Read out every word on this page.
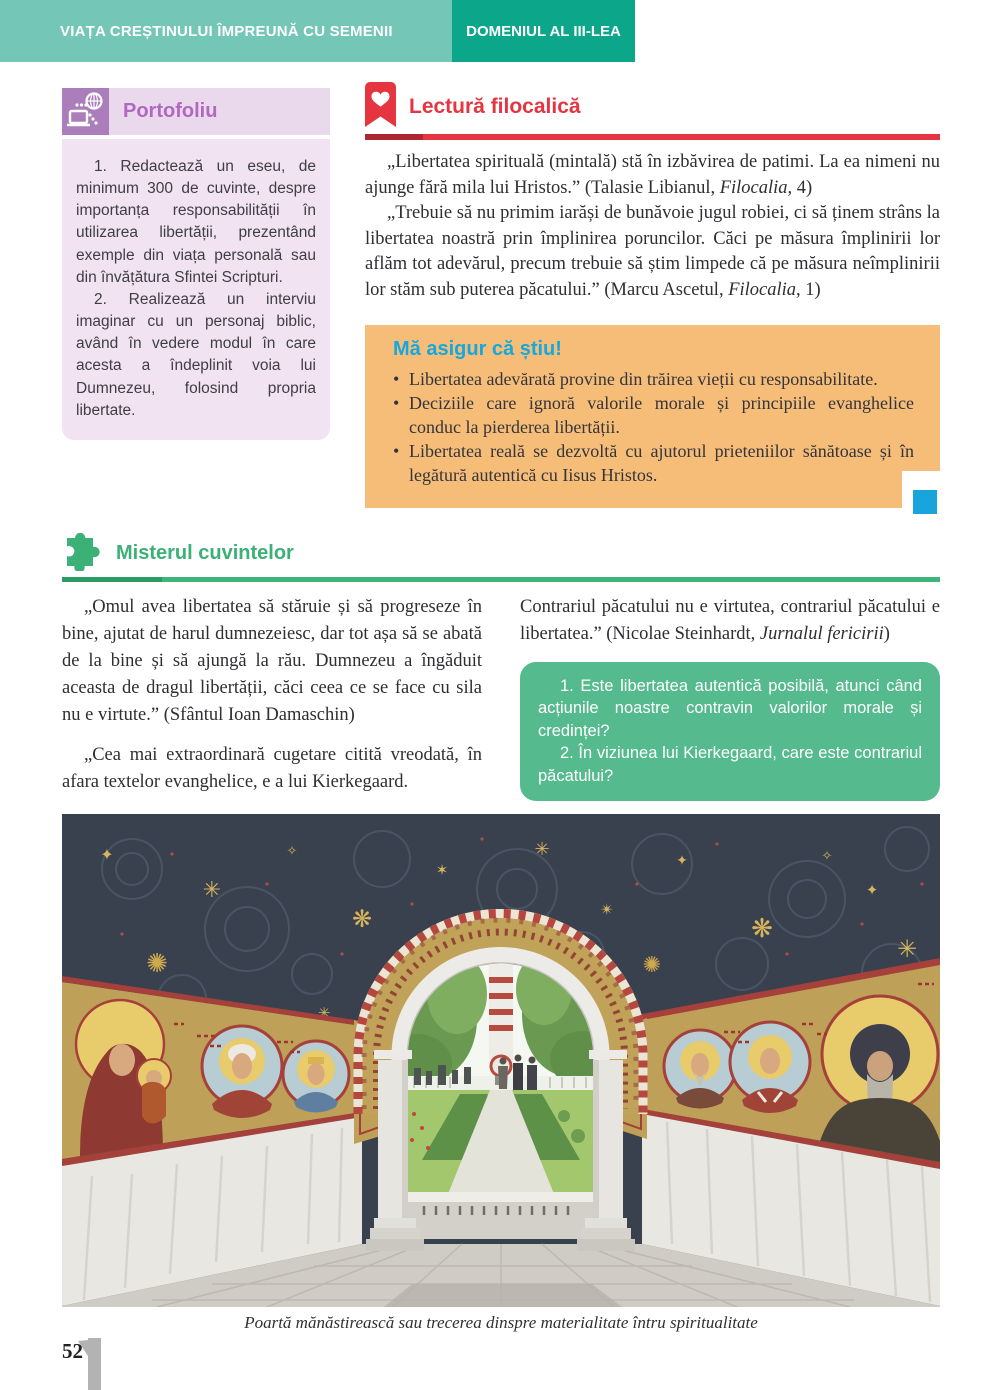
VIAȚA CREȘTINULUI ÎMPREUNĂ CU SEMENII	DOMENIUL AL III-LEA
Portofoliu

1. Redactează un eseu, de minimum 300 de cuvinte, despre importanța responsabilității în utilizarea libertății, prezentând exemple din viața personală sau din învățătura Sfintei Scripturi.

2. Realizează un interviu imaginar cu un personaj biblic, având în vedere modul în care acesta a îndeplinit voia lui Dumnezeu, folosind propria libertate.

Lectură filocalică

„Libertatea spirituală (mintală) stă în izbăvirea de patimi. La ea nimeni nu ajunge fără mila lui Hristos.” (Talasie Libianul, Filocalia, 4)

„Trebuie să nu primim iarăși de bunăvoie jugul robiei, ci să ținem strâns la libertatea noastră prin împlinirea poruncilor. Căci pe măsura împlinirii lor aflăm tot adevărul, precum trebuie să știm limpede că pe măsura neîmplinirii lor stăm sub puterea păcatului.” (Marcu Ascetul, Filocalia, 1)

Mă asigur că știu!

• Libertatea adevărată provine din trăirea vieții cu responsabilitate.
• Deciziile care ignoră valorile morale și principiile evanghelice conduc la pierderea libertății.
• Libertatea reală se dezvoltă cu ajutorul prieteniilor sănătoase și în legătură autentică cu Iisus Hristos.
Misterul cuvintelor

„Omul avea libertatea să stăruie și să progreseze în bine, ajutat de harul dumnezeiesc, dar tot așa să se abată de la bine și să ajungă la rău. Dumnezeu a îngăduit aceasta de dragul libertății, căci ceea ce se face cu sila nu e virtute.” (Sfântul Ioan Damaschin)

„Cea mai extraordinară cugetare citită vreodată, în afara textelor evanghelice, e a lui Kierkegaard.

Contrariul păcatului nu e virtutea, contrariul păcatului e libertatea.” (Nicolae Steinhardt, Jurnalul fericirii)

1. Este libertatea autentică posibilă, atunci când acțiunile noastre contravin valorilor morale și credinței?

2. În viziunea lui Kierkegaard, care este contrariul păcatului?

✦
✳
✧
❋
✶
✺
✳
✴
✦
❋
✧
✳
✦
✶
✺
✳
Poartă mănăstirească sau trecerea dinspre materialitate întru spiritualitate
52
